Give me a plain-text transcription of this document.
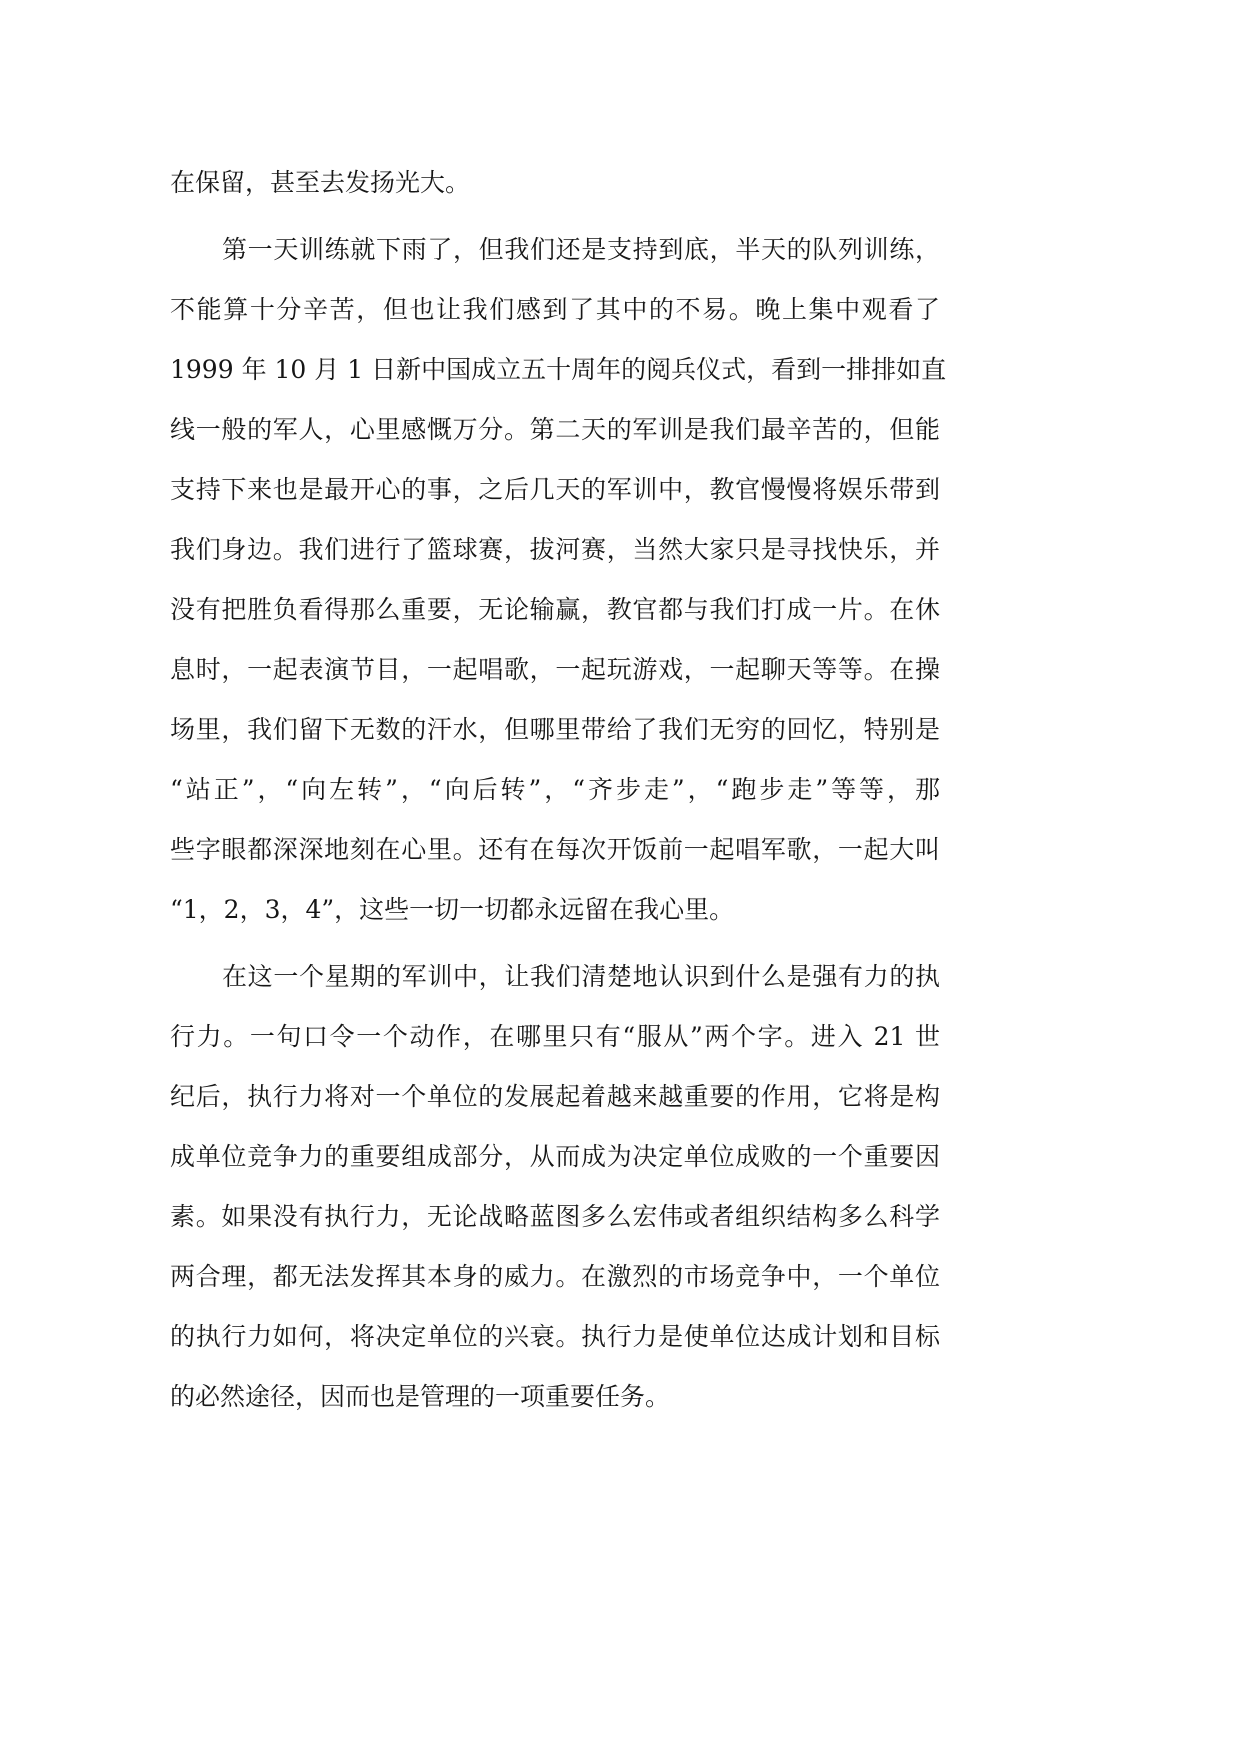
在保留，甚至去发扬光大。

第一天训练就下雨了，但我们还是支持到底，半天的队列训练，
不能算十分辛苦，但也让我们感到了其中的不易。晚上集中观看了
1999 年 10 月 1 日新中国成立五十周年的阅兵仪式，看到一排排如直
线一般的军人，心里感慨万分。第二天的军训是我们最辛苦的，但能
支持下来也是最开心的事，之后几天的军训中，教官慢慢将娱乐带到
我们身边。我们进行了篮球赛，拔河赛，当然大家只是寻找快乐，并
没有把胜负看得那么重要，无论输赢，教官都与我们打成一片。在休
息时，一起表演节目，一起唱歌，一起玩游戏，一起聊天等等。在操
场里，我们留下无数的汗水，但哪里带给了我们无穷的回忆，特别是
“站正”，“向左转”，“向后转”，“齐步走”，“跑步走”等等，那
些字眼都深深地刻在心里。还有在每次开饭前一起唱军歌，一起大叫
“1，2，3，4”，这些一切一切都永远留在我心里。

在这一个星期的军训中，让我们清楚地认识到什么是强有力的执
行力。一句口令一个动作，在哪里只有“服从”两个字。进入 21 世
纪后，执行力将对一个单位的发展起着越来越重要的作用，它将是构
成单位竞争力的重要组成部分，从而成为决定单位成败的一个重要因
素。如果没有执行力，无论战略蓝图多么宏伟或者组织结构多么科学
两合理，都无法发挥其本身的威力。在激烈的市场竞争中，一个单位
的执行力如何，将决定单位的兴衰。执行力是使单位达成计划和目标
的必然途径，因而也是管理的一项重要任务。
